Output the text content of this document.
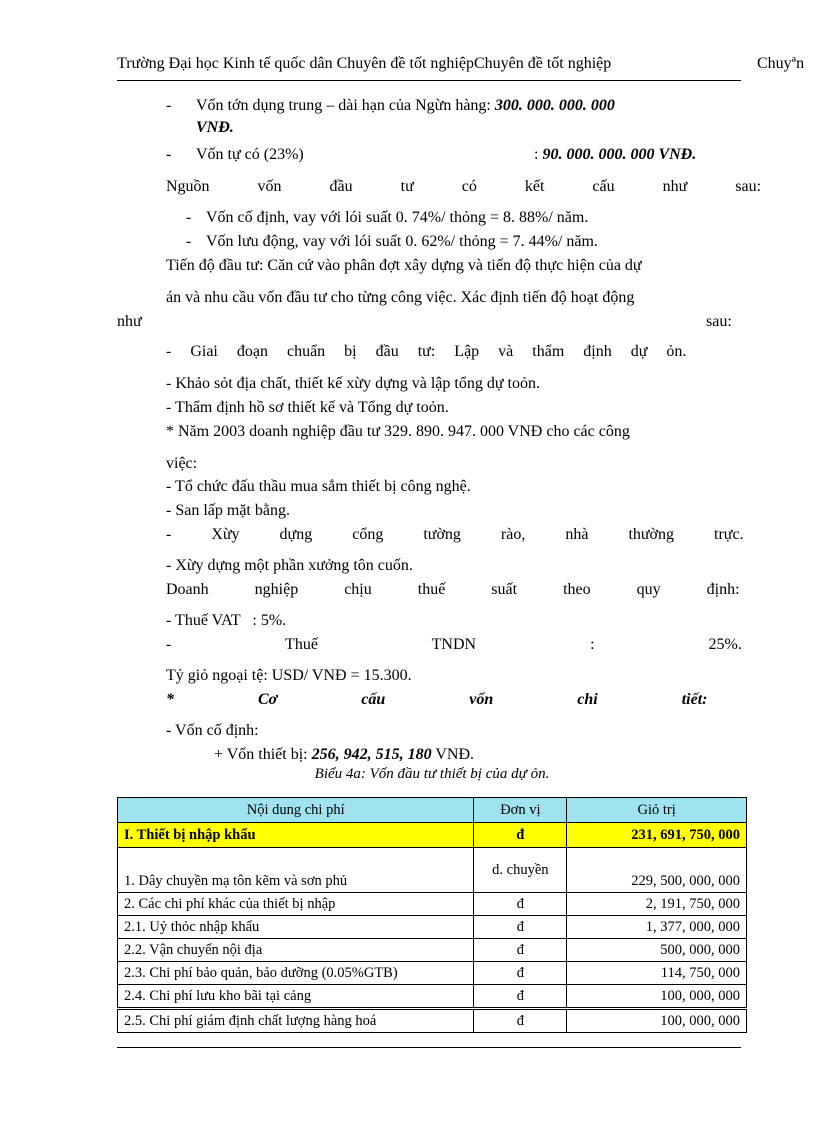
Trường Đại học Kinh tế quốc dân Chuyên đề tốt nghiệpChuyên đề tốt nghiệp	Chuyªn
- Vốn tớn dụng trung – dài hạn của Ngừn hàng: 300. 000. 000. 000
VNĐ.
- Vốn tự có (23%)	: 90. 000. 000. 000 VNĐ.
Nguồn vốn đầu tư có kết cấu như sau:
- Vốn cố định, vay với lói suất 0. 74%/ thỏng = 8. 88%/ năm.
- Vốn lưu động, vay với lói suất 0. 62%/ thỏng = 7. 44%/ năm.
Tiến độ đầu tư: Căn cứ vào phân đợt xây dựng và tiến độ thực hiện của dự
án và nhu cầu vốn đầu tư cho từng công việc. Xác định tiến độ hoạt động
như	sau:
- Giai đoạn chuẩn bị đầu tư: Lập và thẩm định dự ỏn.
- Khảo sỏt địa chất, thiết kế xừy dựng và lập tổng dự toỏn.
- Thẩm định hồ sơ thiết kế và Tổng dự toỏn.
* Năm 2003 doanh nghiệp đầu tư 329. 890. 947. 000 VNĐ cho các công
việc:
- Tổ chức đấu thầu mua sắm thiết bị công nghệ.
- San lấp mặt bằng.
- Xừy dựng cổng tường rào, nhà thường trực.
- Xừy dựng một phần xưởng tôn cuốn.
Doanh nghiệp chịu thuế suất theo quy định:
- Thuế VAT   : 5%.
- Thuế TNDN : 25%.
Tỷ giỏ ngoại tệ: USD/ VNĐ = 15.300.
* Cơ cấu vốn chi tiết:
- Vốn cố định:
+ Vốn thiết bị: 256, 942, 515, 180 VNĐ.
Biểu 4a: Vốn đầu tư thiết bị của dự ỏn.
Nội dung chi phí	Đơn vị	Giỏ trị
I. Thiết bị nhập khẩu	đ	231, 691, 750, 000
1. Dây chuyền mạ tôn kẽm và sơn phủ	d. chuyền	229, 500, 000, 000
2. Các chi phí khác của thiết bị nhập	đ	2, 191, 750, 000
2.1. Uỷ thỏc nhập khẩu	đ	1, 377, 000, 000
2.2. Vận chuyển nội địa	đ	500, 000, 000
2.3. Chi phí bảo quản, bảo dưỡng (0.05%GTB)	đ	114, 750, 000
2.4. Chi phí lưu kho bãi tại cảng	đ	100, 000, 000
2.5. Chi phí giám định chất lượng hàng hoá	đ	100, 000, 000
